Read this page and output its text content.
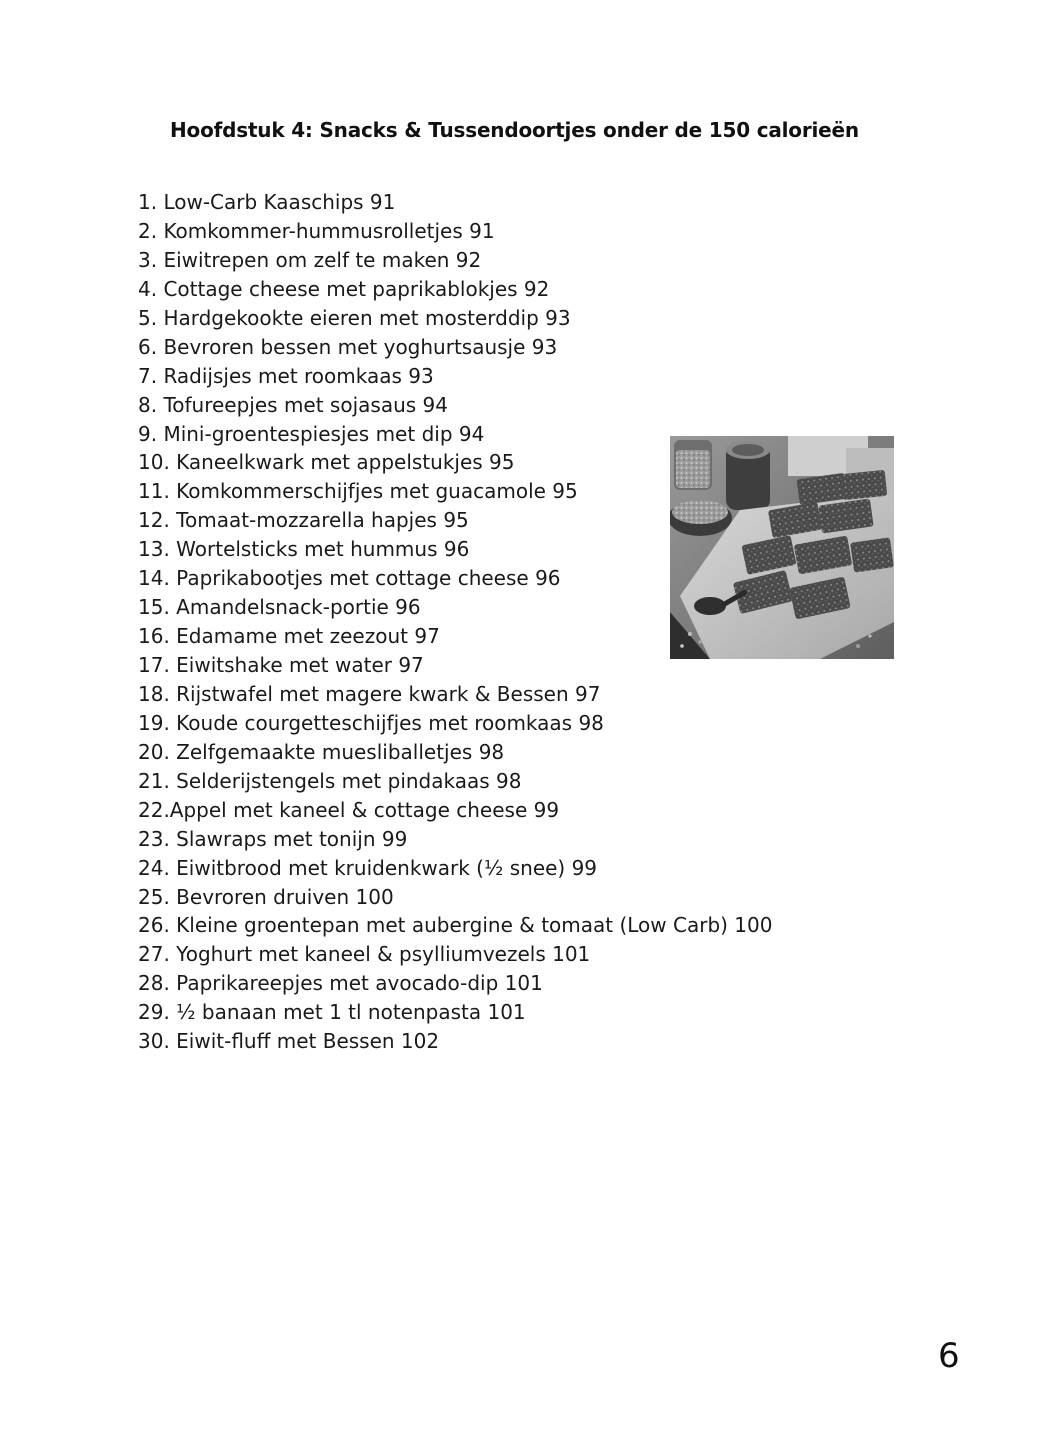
Hoofdstuk 4: Snacks & Tussendoortjes onder de 150 calorieën
1. Low-Carb Kaaschips 91
2. Komkommer-hummusrolletjes 91
3. Eiwitrepen om zelf te maken 92
4. Cottage cheese met paprikablokjes 92
5. Hardgekookte eieren met mosterddip 93
6. Bevroren bessen met yoghurtsausje 93
7. Radijsjes met roomkaas 93
8. Tofureepjes met sojasaus 94
9. Mini-groentespiesjes met dip 94
10. Kaneelkwark met appelstukjes 95
11. Komkommerschijfjes met guacamole 95
12. Tomaat-mozzarella hapjes 95
13. Wortelsticks met hummus 96
14. Paprikabootjes met cottage cheese 96
15. Amandelsnack-portie 96
16. Edamame met zeezout 97
17. Eiwitshake met water 97
18. Rijstwafel met magere kwark & Bessen 97
19. Koude courgetteschijfjes met roomkaas 98
20. Zelfgemaakte muesliballetjes 98
21. Selderijstengels met pindakaas 98
22.Appel met kaneel & cottage cheese 99
23. Slawraps met tonijn 99
24. Eiwitbrood met kruidenkwark (½ snee) 99
25. Bevroren druiven 100
26. Kleine groentepan met aubergine & tomaat (Low Carb) 100
27. Yoghurt met kaneel & psylliumvezels 101
28. Paprikareepjes met avocado-dip 101
29. ½ banaan met 1 tl notenpasta 101
30. Eiwit-fluff met Bessen 102
6
